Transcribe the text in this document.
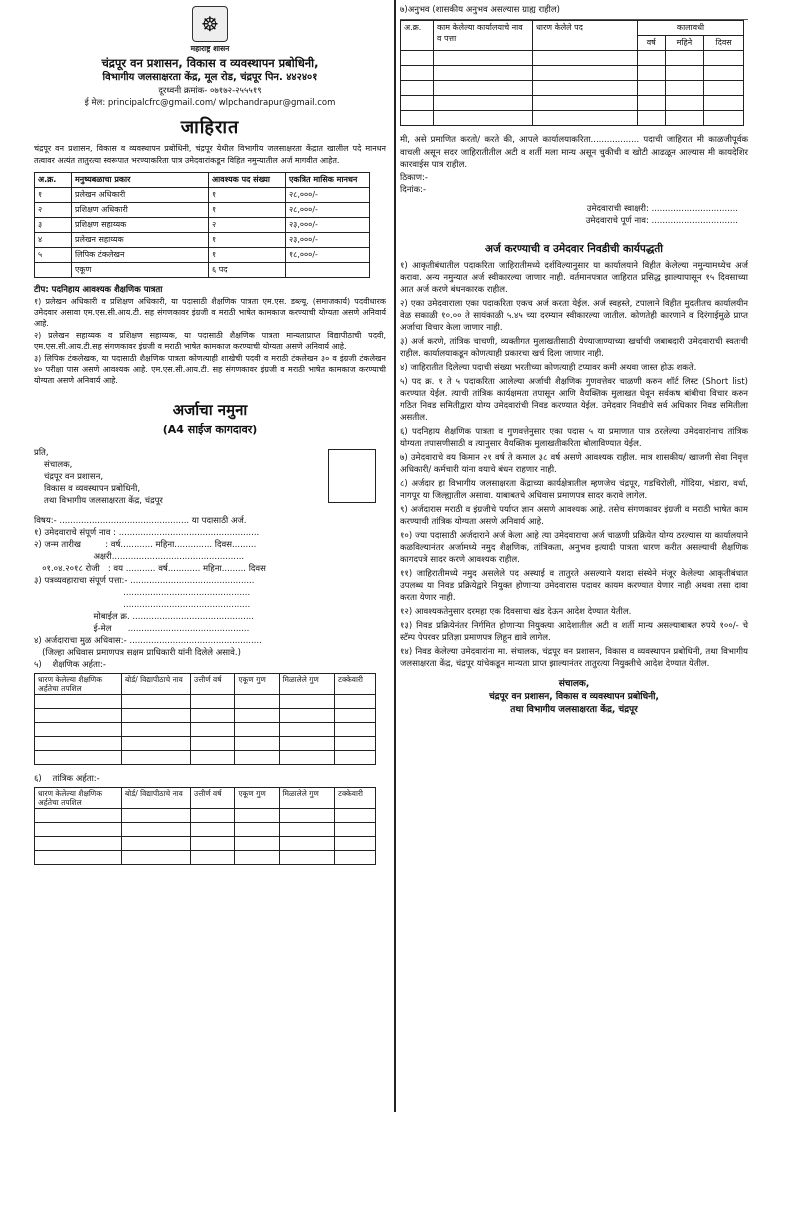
☸
महाराष्ट्र शासन
चंद्रपूर वन प्रशासन, विकास व व्यवस्थापन प्रबोधिनी,
विभागीय जलसाक्षरता केंद्र, मूल रोड, चंद्रपूर पिन. ४४२४०१
दूरध्वनी क्रमांक- ०७१७२-२५५५१९
ई मेल: principalcfrc@gmail.com/ wlpchandrapur@gmail.com
जाहिरात
चंद्रपूर वन प्रशासन, विकास व व्यवस्थापन प्रबोधिनी, चंद्रपूर येथील विभागीय जलसाक्षरता केंद्रात खालील पदे मानधन तत्वावर अत्यंत तातुरत्या स्वरूपात भरण्याकरिता पात्र उमेदवारांकडून विहित नमुन्यातील अर्ज मागवीत आहेत.
अ.क्र.	मनुष्यबळाचा प्रकार	आवश्यक पद संख्या	एकत्रित मासिक मानधन
१	प्रलेखन अधिकारी	१	२८,०००/-
२	प्रशिक्षण अधिकारी	१	२८,०००/-
३	प्रशिक्षण सहाय्यक	२	२३,०००/-
४	प्रलेखन सहाय्यक	१	२३,०००/-
५	लिपिक टंकलेखन	१	१८,०००/-
	एकूण	६ पद	
टीप: पदनिहाय आवश्यक शैक्षणिक पात्रता
१) प्रलेखन अधिकारी व प्रशिक्षण अधिकारी, या पदासाठी शैक्षणिक पात्रता एम.एस. डब्ल्यू. (समाजकार्य) पदवीधारक उमेदवार असावा एम.एस.सी.आय.टी. सह संगणकावर इंग्रजी व मराठी भाषेत कामकाज करण्याची योग्यता असणे अनिवार्य आहे.
२) प्रलेखन सहाय्यक व प्रशिक्षण सहाय्यक, या पदासाठी शैक्षणिक पात्रता मान्यताप्राप्त विद्यापीठाची पदवी, एम.एस.सी.आय.टी.सह संगणकावर इंग्रजी व मराठी भाषेत कामकाज करण्याची योग्यता असणे अनिवार्य आहे.
३) लिपिक टंकलेखक, या पदासाठी शैक्षणिक पात्रता कोणत्याही शाखेची पदवी व मराठी टंकलेखन ३० व इंग्रजी टंकलेखन ४० परीक्षा पास असणे आवश्यक आहे. एम.एस.सी.आय.टी. सह संगणकावर इंग्रजी व मराठी भाषेत कामकाज करण्याची योग्यता असणे अनिवार्य आहे.
अर्जाचा नमुना
(A4 साईज कागदावर)
प्रति,
संचालक,
चंद्रपूर वन प्रशासन,
विकास व व्यवस्थापन प्रबोधिनी,
तथा विभागीय जलसाक्षरता केंद्र, चंद्रपूर
विषय:- ................................................ या पदासाठी अर्ज.
१) उमेदवाराचे संपूर्ण नाव : ....................................................
२) जन्म तारीख         : वर्ष............ महिना.............. दिवस.........
अक्षरी.................................................
०१.०४.२०१८ रोजी   : वय ........... वर्ष............ महिना......... दिवस
३) पत्रव्यवहाराचा संपूर्ण पत्ता:- ..............................................
...............................................
...............................................
मोबाईल क्र. .............................................
ई-मेल      .............................................
४) अर्जदाराचा मुळ अधिवास:- .................................................
(जिल्हा अधिवास प्रमाणपत्र सक्षम प्राधिकारी यांनी दिलेले असावे.)
५)    शैक्षणिक अर्हता:-
धारण केलेल्या शैक्षणिक अर्हतेचा तपशिल	बोर्ड/ विद्यापीठाचे नाव	उत्तीर्ण वर्ष	एकूण गुण	मिळालेले गुण	टक्केवारी

६)    तांत्रिक अर्हता:-
धारण केलेल्या शैक्षणिक अर्हतेचा तपशिल	बोर्ड/ विद्यापीठाचे नाव	उत्तीर्ण वर्ष	एकूण गुण	मिळालेले गुण	टक्केवारी

७)अनुभव (शासकीय अनुभव असल्यास ग्राह्य राहील)
अ.क्र.	काम केलेल्या कार्यालयाचे नाव व पत्ता	धारण केलेले पद	कालावधी		
			वर्ष	महिने	दिवस

मी, असे प्रमाणित करतो/ करते की, आपले कार्यालयाकरिता.................. पदाची जाहिरात मी काळजीपूर्वक वाचली असून सदर जाहिरातीतील अटी व शर्ती मला मान्य असून चुकीची व खोटी आढळून आल्यास मी कायदेशिर कारवाईस पात्र राहील.
ठिकाण:-
दिनांक:-
उमेदवाराची स्वाक्षरी: ................................
उमेदवाराचे पूर्ण नाव: ................................
अर्ज करण्याची व उमेदवार निवडीची कार्यपद्धती
१) आकृतीबंधातील पदाकरिता जाहिरातीमध्ये दर्शविल्यानुसार या कार्यालयाने विहीत केलेल्या नमुन्यामध्येच अर्ज करावा. अन्य नमुन्यात अर्ज स्वीकारल्या जाणार नाही. वर्तमानपत्रात जाहिरात प्रसिद्ध झाल्यापासून १५ दिवसाच्या आत अर्ज करणे बंधनकारक राहील.
२) एका उमेदवाराला एका पदाकरिता एकच अर्ज करता येईल. अर्ज स्वहस्ते, टपालाने विहीत मुदतीतच कार्यालयीन वेळ सकाळी १०.०० ते सायंकाळी ५.४५ च्या दरम्यान स्वीकारल्या जातील. कोणतेही कारणाने व दिरंगाईमुळे प्राप्त अर्जाचा विचार केला जाणार नाही.
३) अर्ज करणे, तांत्रिक चाचणी, व्यक्तीगत मुलाखतीसाठी येण्याजाण्याच्या खर्चाची जबाबदारी उमेदवाराची स्वतःची राहील. कार्यालयाकडून कोणत्याही प्रकारचा खर्च दिला जाणार नाही.
४) जाहिरातीत दिलेल्या पदाची संख्या भरतीच्या कोणत्याही टप्यावर कमी अथवा जास्त होऊ शकते.
५) पद क्र. १ ते ५ पदाकरिता आलेल्या अर्जाची शैक्षणिक गुणवत्तेवर चाळणी करुन शॉर्ट लिस्ट (Short list) करण्यात येईल. त्याची तांत्रिक कार्यक्षमता तपासून आणि वैयक्तिक मुलाखत घेवून सर्वकष बांबीचा विचार करुन गठित निवड समितीद्वारा योग्य उमेदवारांची निवड करण्यात येईल. उमेदवार निवडीचे सर्व अधिकार निवड समितीला असतील.
६) पदनिहाय शैक्षणिक पात्रता व गुणवत्तेनुसार एका पदास ५ या प्रमाणात पात्र ठरलेल्या उमेदवारांनाच तांत्रिक योग्यता तपासणीसाठी व त्यानुसार वैयक्तिक मुलाखतीकरिता बोलाविण्यात येईल.
७) उमेदवाराचे वय किमान २१ वर्ष ते कमाल ३८ वर्ष असणे आवश्यक राहील. मात्र शासकीय/ खाजगी सेवा निवृत्त अधिकारी/ कर्मचारी यांना वयाचे बंधन राहणार नाही.
८) अर्जदार हा विभागीय जलसाक्षरता केंद्राच्या कार्यक्षेत्रातील म्हणजेच चंद्रपूर, गडचिरोली, गोंदिया, भंडारा, वर्धा, नागपूर या जिल्ह्यातील असावा. याबाबतचे अधिवास प्रमाणपत्र सादर करावे लागेल.
९) अर्जदारास मराठी व इंग्रजीचे पर्याप्त ज्ञान असणे आवश्यक आहे. तसेच संगणकावर इंग्रजी व मराठी भाषेत काम करण्याची तांत्रिक योग्यता असणे अनिवार्य आहे.
१०) ज्या पदासाठी अर्जदाराने अर्ज केला आहे त्या उमेदवाराचा अर्ज चाळणी प्रक्रियेत योग्य ठरल्यास या कार्यालयाने कळविल्यानंतर अर्जामध्ये नमुद शैक्षणिक, तांत्रिकता, अनुभव इत्यादी पात्रता धारण करीत असल्याची शैक्षणिक कागदपत्रे सादर करणे आवश्यक राहील.
११) जाहिरातीमध्ये नमुद असलेले पद अस्थाई व तातुरते असल्याने यशदा संस्थेने मंजूर केलेल्या आकृतीबंधात उपलब्ध या निवड प्रक्रियेद्वारे नियुक्त होणाऱ्या उमेदवारास पदावर कायम करण्यात येणार नाही अथवा तसा दावा करता येणार नाही.
१२) आवश्यकतेनुसार दरमहा एक दिवसाचा खंड देऊन आदेश देण्यात येतील.
१३) निवड प्रक्रियेनंतर निर्गमित होणाऱ्या नियुक्त्या आदेशातील अटी व शर्ती मान्य असल्याबाबत रुपये १००/- चे स्टॅम्प पेपरवर प्रतिज्ञा प्रमाणपत्र लिहून द्यावे लागेल.
१४) निवड केलेल्या उमेदवारांना मा. संचालक, चंद्रपूर वन प्रशासन, विकास व व्यवस्थापन प्रबोधिनी, तथा विभागीय जलसाक्षरता केंद्र, चंद्रपूर यांचेकडून मान्यता प्राप्त झाल्यानंतर तातुरत्या नियुक्तीचे आदेश देण्यात येतील.
संचालक,
चंद्रपूर वन प्रशासन, विकास व व्यवस्थापन प्रबोधिनी,
तथा विभागीय जलसाक्षरता केंद्र, चंद्रपूर
